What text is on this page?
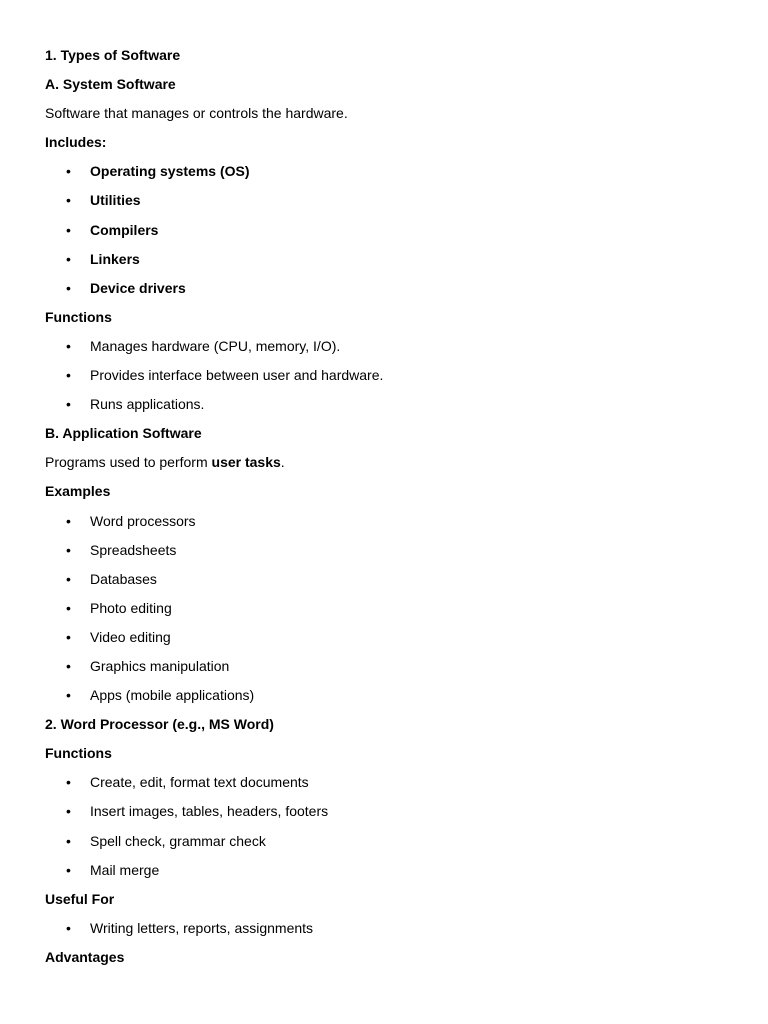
1. Types of Software
A. System Software
Software that manages or controls the hardware.
Includes:
• Operating systems (OS)
• Utilities
• Compilers
• Linkers
• Device drivers
Functions
• Manages hardware (CPU, memory, I/O).
• Provides interface between user and hardware.
• Runs applications.
B. Application Software
Programs used to perform user tasks.
Examples
• Word processors
• Spreadsheets
• Databases
• Photo editing
• Video editing
• Graphics manipulation
• Apps (mobile applications)
2. Word Processor (e.g., MS Word)
Functions
• Create, edit, format text documents
• Insert images, tables, headers, footers
• Spell check, grammar check
• Mail merge
Useful For
• Writing letters, reports, assignments
Advantages
